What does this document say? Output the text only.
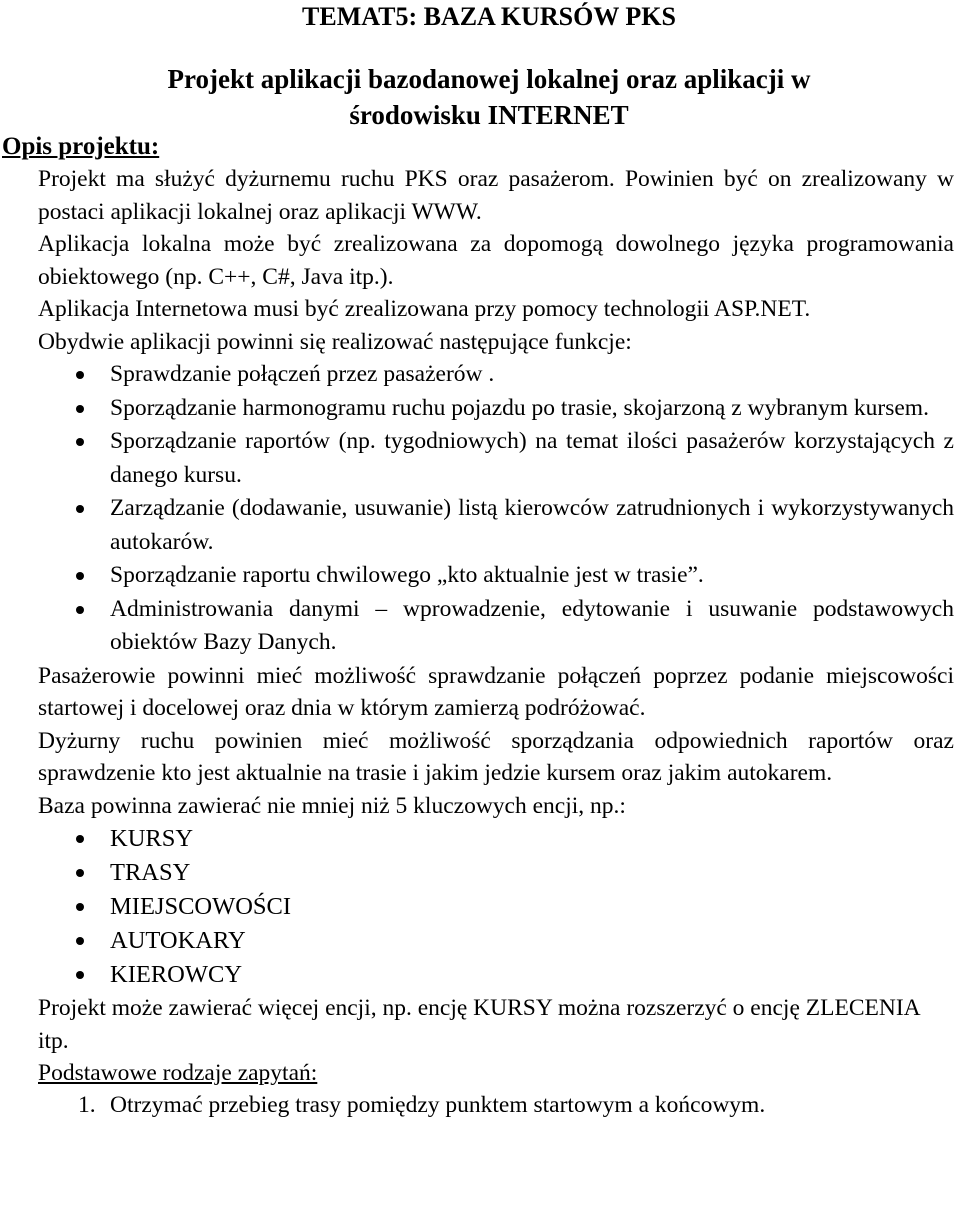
TEMAT5: BAZA KURSÓW PKS
Projekt aplikacji bazodanowej lokalnej oraz aplikacji w
środowisku INTERNET

Opis projektu:

Projekt ma służyć dyżurnemu ruchu PKS oraz pasażerom. Powinien być on zrealizowany w postaci aplikacji lokalnej oraz aplikacji WWW.

Aplikacja lokalna może być zrealizowana za dopomogą dowolnego języka programowania obiektowego (np. C++, C#, Java itp.).

Aplikacja Internetowa musi być zrealizowana przy pomocy technologii ASP.NET.

Obydwie aplikacji powinni się realizować następujące funkcje:

Sprawdzanie połączeń przez pasażerów .
Sporządzanie harmonogramu ruchu pojazdu po trasie, skojarzoną z wybranym kursem.
Sporządzanie raportów (np. tygodniowych) na temat ilości pasażerów korzystających z danego kursu.
Zarządzanie (dodawanie, usuwanie) listą kierowców zatrudnionych i wykorzystywanych autokarów.
Sporządzanie raportu chwilowego „kto aktualnie jest w trasie”.
Administrowania danymi – wprowadzenie, edytowanie i usuwanie podstawowych obiektów Bazy Danych.

Pasażerowie powinni mieć możliwość sprawdzanie połączeń poprzez podanie miejscowości startowej i docelowej oraz dnia w którym zamierzą podróżować.

Dyżurny ruchu powinien mieć możliwość sporządzania odpowiednich raportów oraz sprawdzenie kto jest aktualnie na trasie i jakim jedzie kursem oraz jakim autokarem.

Baza powinna zawierać nie mniej niż 5 kluczowych encji, np.:

KURSY
TRASY
MIEJSCOWOŚCI
AUTOKARY
KIEROWCY

Projekt może zawierać więcej encji, np. encję KURSY można rozszerzyć o encję ZLECENIA itp.

Podstawowe rodzaje zapytań:

1. Otrzymać przebieg trasy pomiędzy punktem startowym a końcowym.
